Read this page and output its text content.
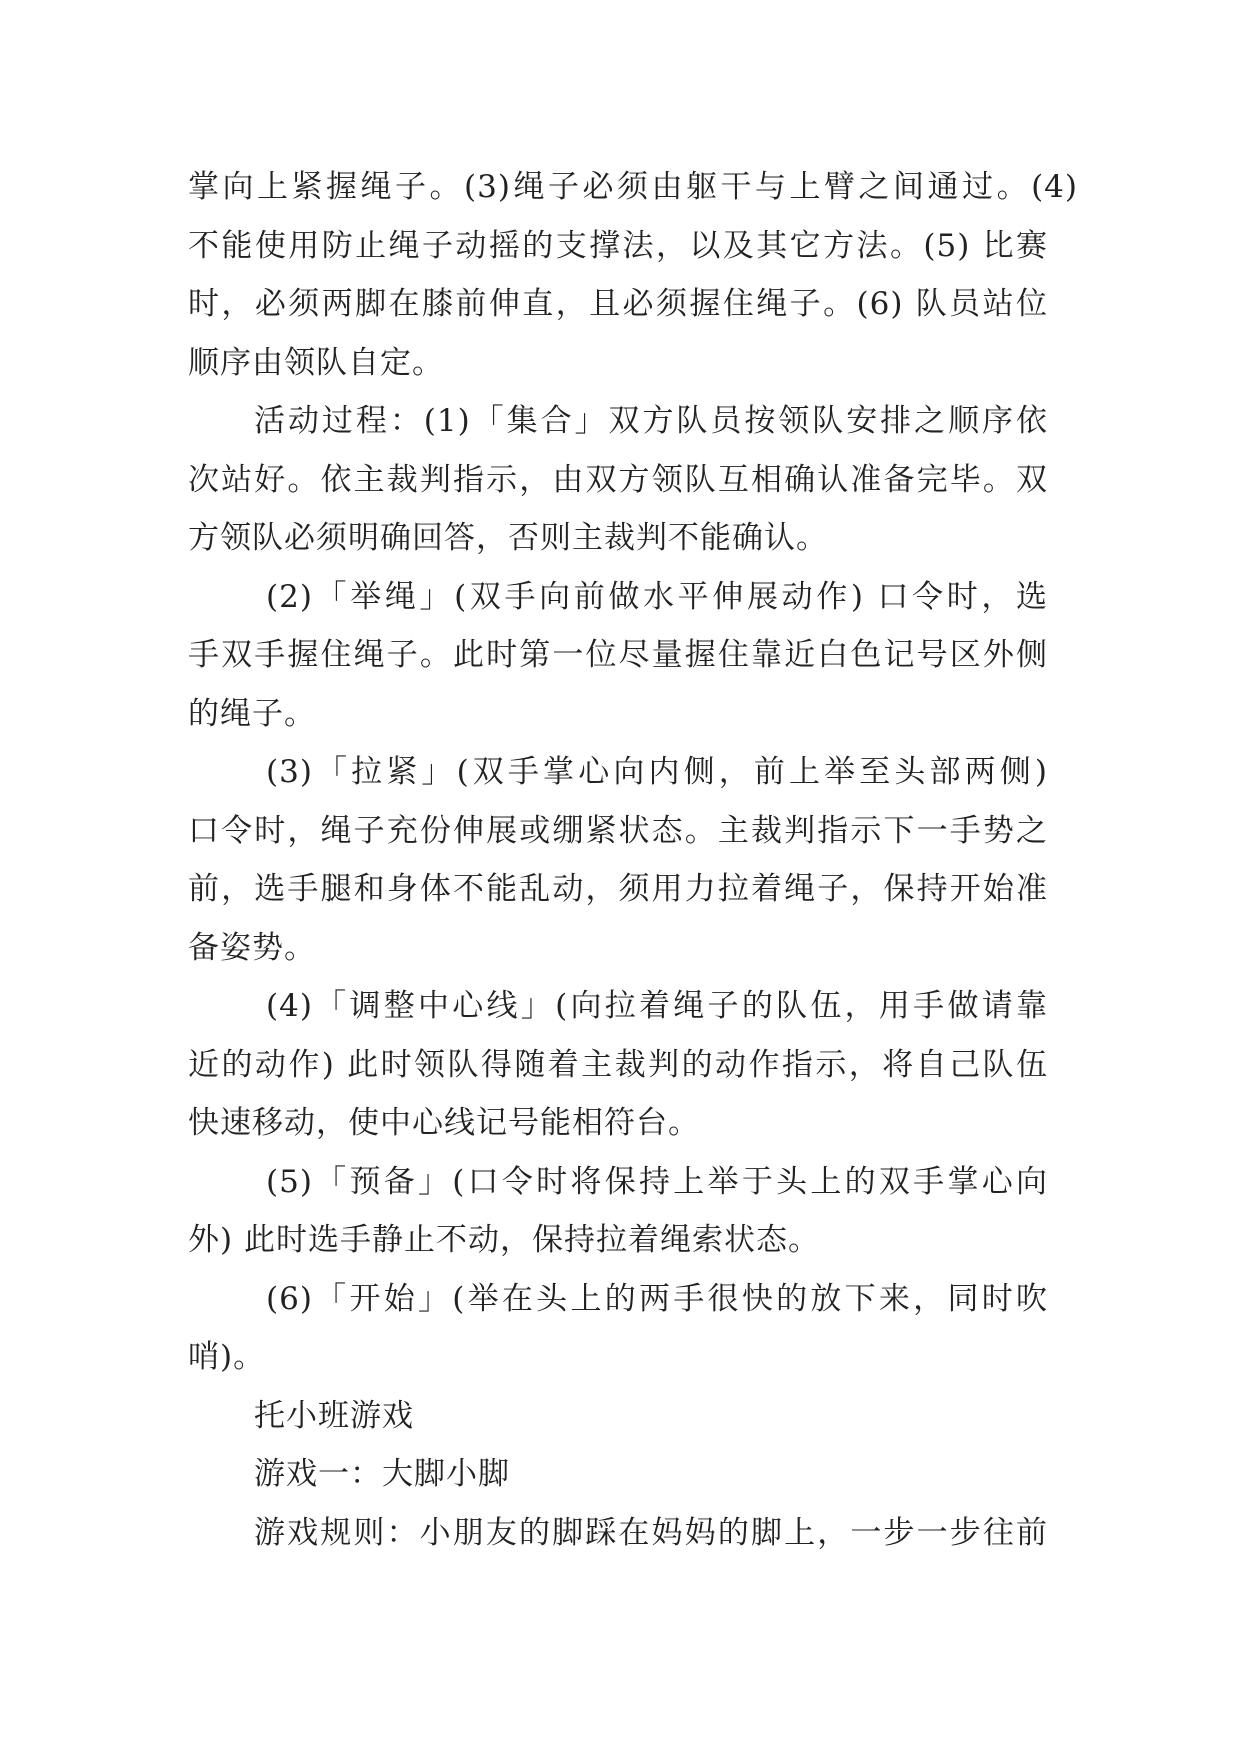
掌向上紧握绳子。(3)绳子必须由躯干与上臂之间通过。(4)
不能使用防止绳子动摇的支撑法，以及其它方法。(5) 比赛
时，必须两脚在膝前伸直，且必须握住绳子。(6) 队员站位
顺序由领队自定。
活动过程：(1)「集合」双方队员按领队安排之顺序依
次站好。依主裁判指示，由双方领队互相确认准备完毕。双
方领队必须明确回答，否则主裁判不能确认。
(2)「举绳」(双手向前做水平伸展动作) 口令时，选
手双手握住绳子。此时第一位尽量握住靠近白色记号区外侧
的绳子。
(3)「拉紧」(双手掌心向内侧，前上举至头部两侧)
口令时，绳子充份伸展或绷紧状态。主裁判指示下一手势之
前，选手腿和身体不能乱动，须用力拉着绳子，保持开始准
备姿势。
(4)「调整中心线」(向拉着绳子的队伍，用手做请靠
近的动作) 此时领队得随着主裁判的动作指示，将自己队伍
快速移动，使中心线记号能相符台。
(5)「预备」(口令时将保持上举于头上的双手掌心向
外) 此时选手静止不动，保持拉着绳索状态。
(6)「开始」(举在头上的两手很快的放下来，同时吹
哨)。
托小班游戏
游戏一：大脚小脚
游戏规则：小朋友的脚踩在妈妈的脚上，一步一步往前
